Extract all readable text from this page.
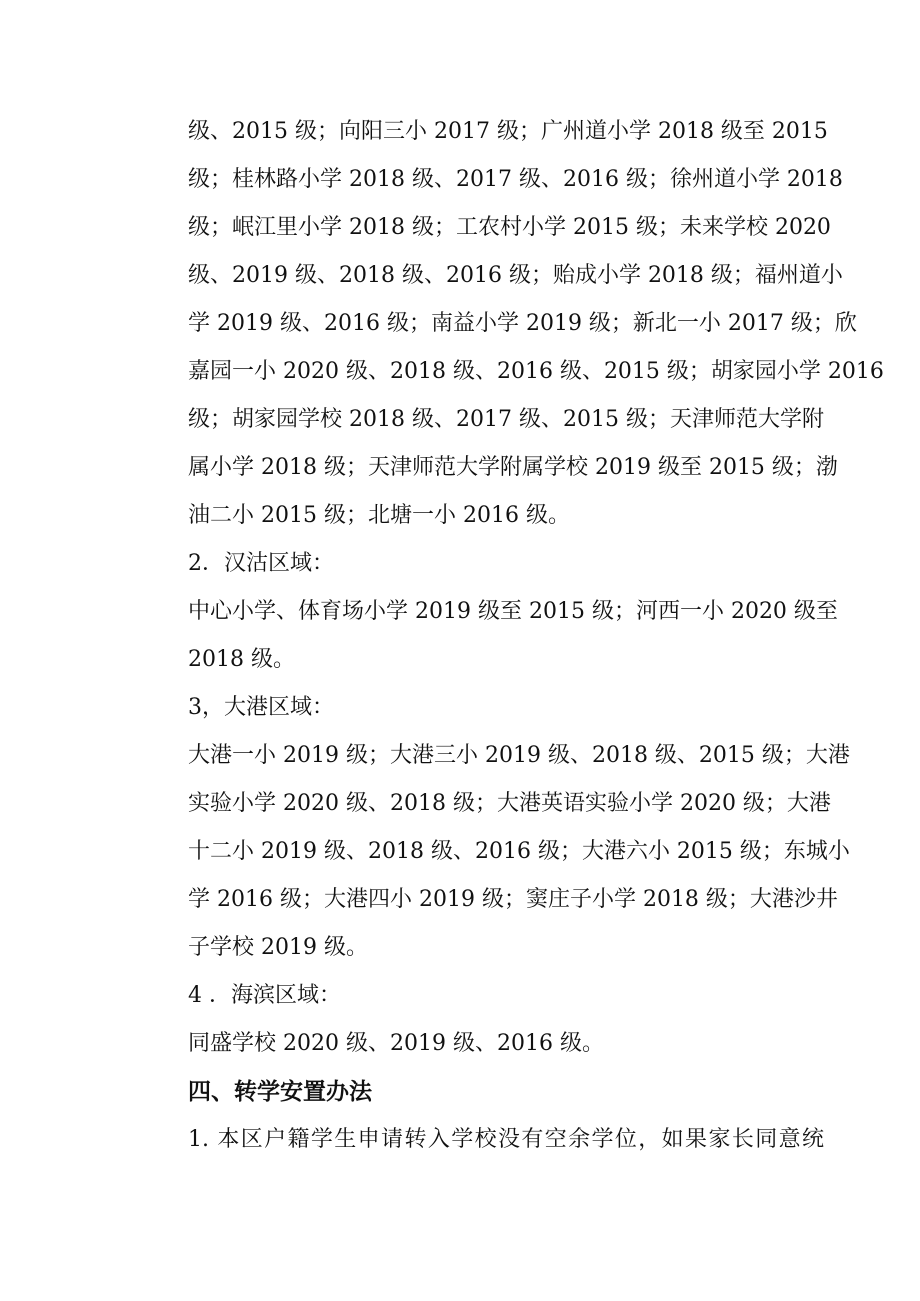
级、2015 级；向阳三小 2017 级；广州道小学 2018 级至 2015
级；桂林路小学 2018 级、2017 级、2016 级；徐州道小学 2018
级；岷江里小学 2018 级；工农村小学 2015 级；未来学校 2020
级、2019 级、2018 级、2016 级；贻成小学 2018 级；福州道小
学 2019 级、2016 级；南益小学 2019 级；新北一小 2017 级；欣
嘉园一小 2020 级、2018 级、2016 级、2015 级；胡家园小学 2016
级；胡家园学校 2018 级、2017 级、2015 级；天津师范大学附
属小学 2018 级；天津师范大学附属学校 2019 级至 2015 级；渤
油二小 2015 级；北塘一小 2016 级。
2．汉沽区域：
中心小学、体育场小学 2019 级至 2015 级；河西一小 2020 级至
2018 级。
3，大港区域：
大港一小 2019 级；大港三小 2019 级、2018 级、2015 级；大港
实验小学 2020 级、2018 级；大港英语实验小学 2020 级；大港
十二小 2019 级、2018 级、2016 级；大港六小 2015 级；东城小
学 2016 级；大港四小 2019 级；窦庄子小学 2018 级；大港沙井
子学校 2019 级。
4 ．海滨区域：
同盛学校 2020 级、2019 级、2016 级。
四、转学安置办法
1. 本区户籍学生申请转入学校没有空余学位，如果家长同意统
